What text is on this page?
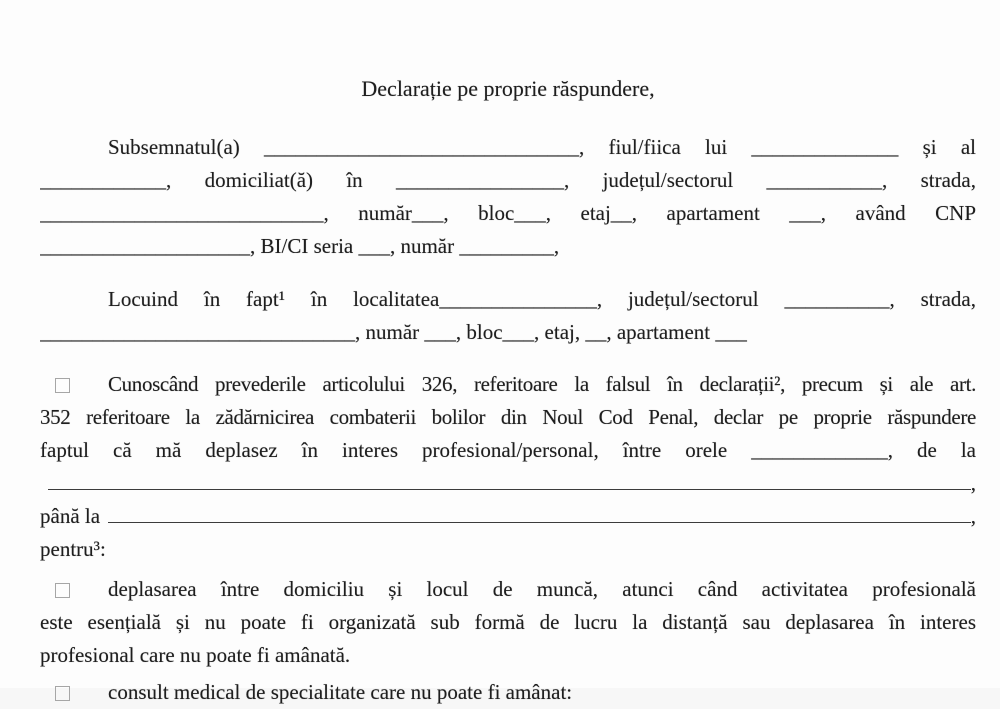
Declarație pe proprie răspundere,
Subsemnatul(a) ______________________________, fiul/fiica lui ______________ și al
____________, domiciliat(ă) în ________________, județul/sectorul ___________, strada,
___________________________, număr___, bloc___, etaj__, apartament ___, având CNP
____________________, BI/CI seria ___, număr _________,
Locuind în fapt¹ în localitatea_______________, județul/sectorul __________, strada,
______________________________, număr ___, bloc___, etaj, __, apartament ___
Cunoscând prevederile articolului 326, referitoare la falsul în declarații², precum și ale art.
352 referitoare la zădărnicirea combaterii bolilor din Noul Cod Penal, declar pe proprie răspundere
faptul că mă deplasez în interes profesional/personal, între orele _____________, de la
,
până la	,
pentru³:
deplasarea între domiciliu și locul de muncă, atunci când activitatea profesională
este esențială și nu poate fi organizată sub formă de lucru la distanță sau deplasarea în interes
profesional care nu poate fi amânată.
consult medical de specialitate care nu poate fi amânat:
